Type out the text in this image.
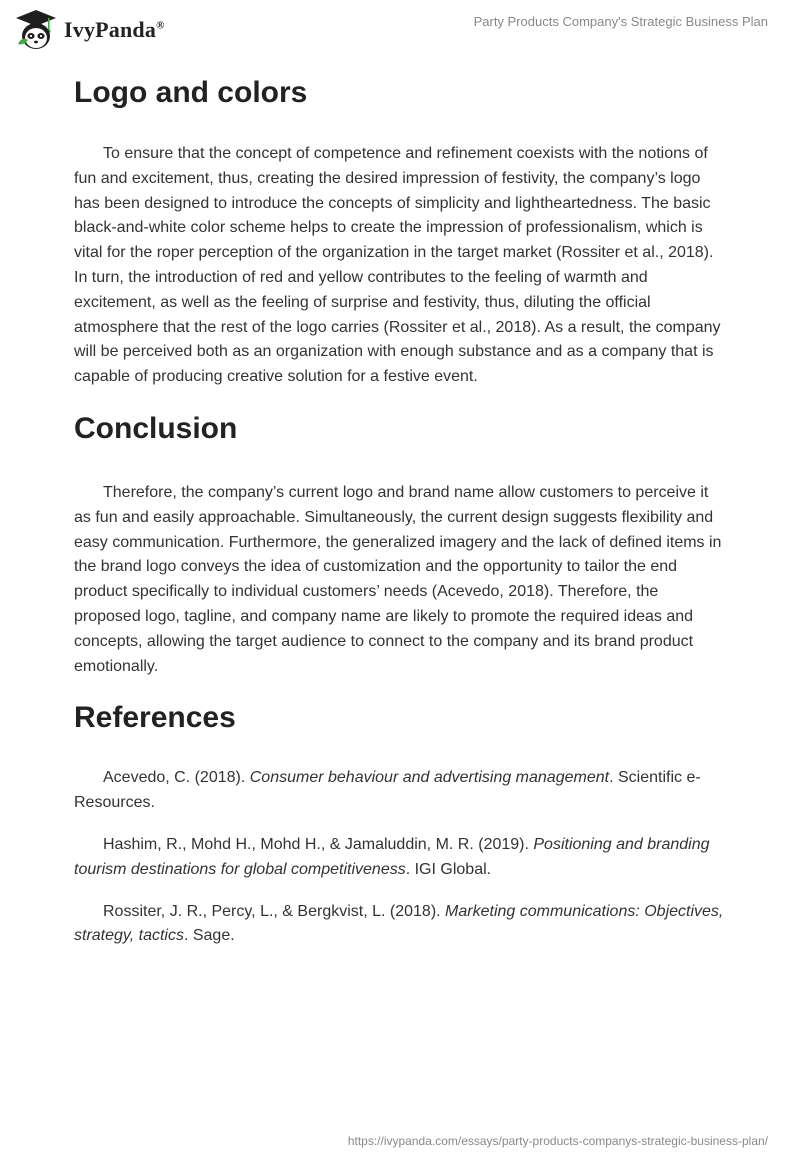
IvyPanda®	Party Products Company's Strategic Business Plan
Logo and colors

To ensure that the concept of competence and refinement coexists with the notions of fun and excitement, thus, creating the desired impression of festivity, the company’s logo has been designed to introduce the concepts of simplicity and lightheartedness. The basic black-and-white color scheme helps to create the impression of professionalism, which is vital for the roper perception of the organization in the target market (Rossiter et al., 2018). In turn, the introduction of red and yellow contributes to the feeling of warmth and excitement, as well as the feeling of surprise and festivity, thus, diluting the official atmosphere that the rest of the logo carries (Rossiter et al., 2018). As a result, the company will be perceived both as an organization with enough substance and as a company that is capable of producing creative solution for a festive event.

Conclusion

Therefore, the company’s current logo and brand name allow customers to perceive it as fun and easily approachable. Simultaneously, the current design suggests flexibility and easy communication. Furthermore, the generalized imagery and the lack of defined items in the brand logo conveys the idea of customization and the opportunity to tailor the end product specifically to individual customers’ needs (Acevedo, 2018). Therefore, the proposed logo, tagline, and company name are likely to promote the required ideas and concepts, allowing the target audience to connect to the company and its brand product emotionally.

References

Acevedo, C. (2018). Consumer behaviour and advertising management. Scientific e-Resources.

Hashim, R., Mohd H., Mohd H., & Jamaluddin, M. R. (2019). Positioning and branding tourism destinations for global competitiveness. IGI Global.

Rossiter, J. R., Percy, L., & Bergkvist, L. (2018). Marketing communications: Objectives, strategy, tactics. Sage.

https://ivypanda.com/essays/party-products-companys-strategic-business-plan/
